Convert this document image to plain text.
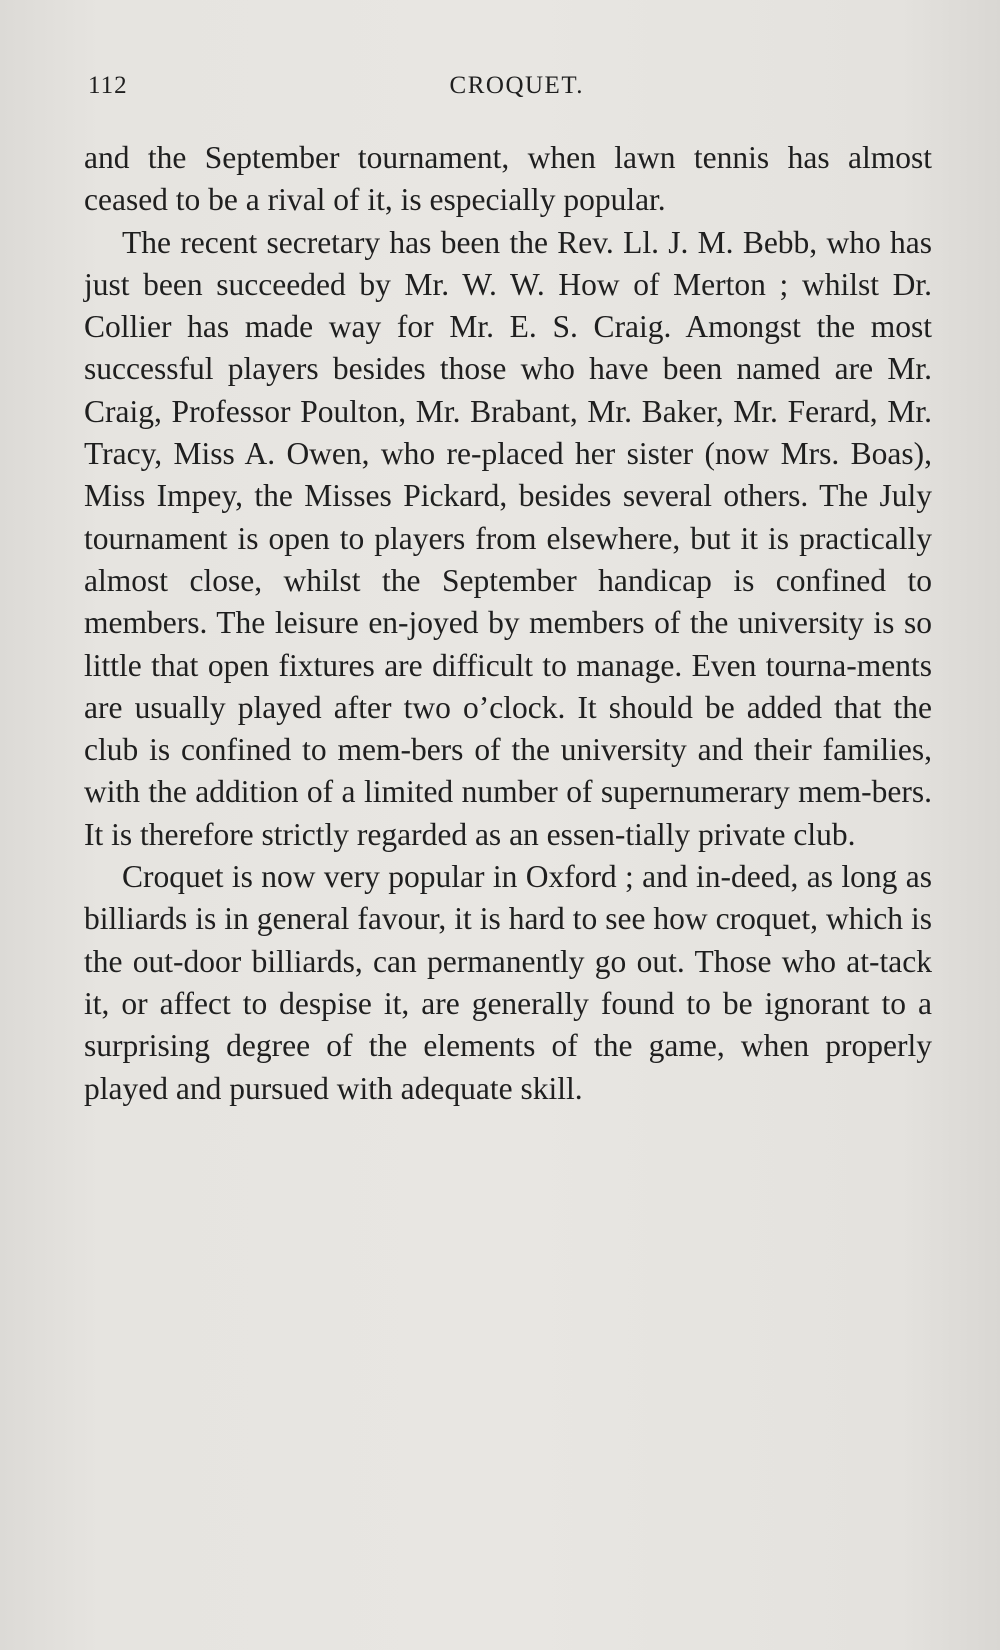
112	CROQUET.

and the September tournament, when lawn tennis has almost ceased to be a rival of it, is especially popular.

The recent secretary has been the Rev. Ll. J. M. Bebb, who has just been succeeded by Mr. W. W. How of Merton ; whilst Dr. Collier has made way for Mr. E. S. Craig. Amongst the most successful players besides those who have been named are Mr. Craig, Professor Poulton, Mr. Brabant, Mr. Baker, Mr. Ferard, Mr. Tracy, Miss A. Owen, who re-placed her sister (now Mrs. Boas), Miss Impey, the Misses Pickard, besides several others. The July tournament is open to players from elsewhere, but it is practically almost close, whilst the September handicap is confined to members. The leisure en-joyed by members of the university is so little that open fixtures are difficult to manage. Even tourna-ments are usually played after two o’clock. It should be added that the club is confined to mem-bers of the university and their families, with the addition of a limited number of supernumerary mem-bers. It is therefore strictly regarded as an essen-tially private club.

Croquet is now very popular in Oxford ; and in-deed, as long as billiards is in general favour, it is hard to see how croquet, which is the out-door billiards, can permanently go out. Those who at-tack it, or affect to despise it, are generally found to be ignorant to a surprising degree of the elements of the game, when properly played and pursued with adequate skill.
